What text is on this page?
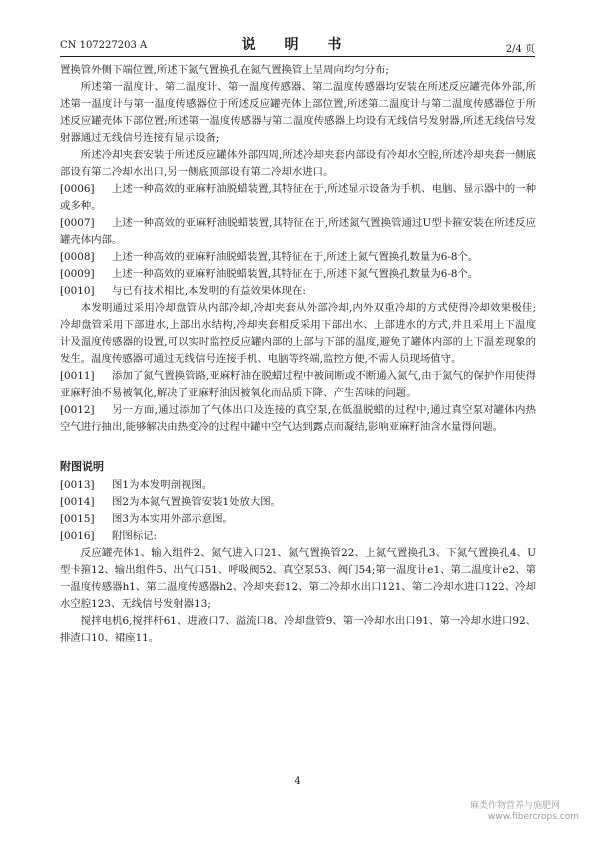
CN 107227203 A	说 明 书	2/4 页
置换管外侧下端位置,所述下氮气置换孔在氮气置换管上呈周向均匀分布;
所述第一温度计、第二温度计、第一温度传感器、第二温度传感器均安装在所述反应罐壳体外部,所述第一温度计与第一温度传感器位于所述反应罐壳体上部位置,所述第二温度计与第二温度传感器位于所述反应罐壳体下部位置;所述第一温度传感器与第二温度传感器上均设有无线信号发射器,所述无线信号发射器通过无线信号连接有显示设备;
所述冷却夹套安装于所述反应罐体外部四周,所述冷却夹套内部设有冷却水空腔,所述冷却夹套一侧底部设有第二冷却水出口,另一侧底顶部设有第二冷却水进口。
[0006] 上述一种高效的亚麻籽油脱蜡装置,其特征在于,所述显示设备为手机、电脑、显示器中的一种或多种。
[0007] 上述一种高效的亚麻籽油脱蜡装置,其特征在于,所述氮气置换管通过U型卡箍安装在所述反应罐壳体内部。
[0008] 上述一种高效的亚麻籽油脱蜡装置,其特征在于,所述上氮气置换孔数量为6-8个。
[0009] 上述一种高效的亚麻籽油脱蜡装置,其特征在于,所述下氮气置换孔数量为6-8个。
[0010] 与已有技术相比,本发明的有益效果体现在:
本发明通过采用冷却盘管从内部冷却,冷却夹套从外部冷却,内外双重冷却的方式使得冷却效果极佳;冷却盘管采用下部进水,上部出水结构,冷却夹套相反采用下部出水、上部进水的方式,并且采用上下温度计及温度传感器的设置,可以实时监控反应罐内部的上部与下部的温度,避免了罐体内部的上下温差现象的发生。温度传感器可通过无线信号连接手机、电脑等终端,监控方便,不需人员现场值守。
[0011] 添加了氮气置换管路,亚麻籽油在脱蜡过程中被间断或不断通入氮气,由于氮气的保护作用使得亚麻籽油不易被氧化,解决了亚麻籽油因被氧化而品质下降、产生苦味的问题。
[0012] 另一方面,通过添加了气体出口及连接的真空泵,在低温脱蜡的过程中,通过真空泵对罐体内热空气进行抽出,能够解决由热变冷的过程中罐中空气达到露点而凝结,影响亚麻籽油含水量得问题。
附图说明
[0013] 图1为本发明剖视图。
[0014] 图2为本氮气置换管安装1处放大图。
[0015] 图3为本实用外部示意图。
[0016] 附图标记:
反应罐壳体1、输入组件2、氮气进入口21、氮气置换管22、上氮气置换孔3、下氮气置换孔4、U型卡箍12、输出组件5、出气口51、呼吸阀52、真空泵53、阀门54;第一温度计e1、第二温度计e2、第一温度传感器h1、第二温度传感器h2、冷却夹套12、第二冷却水出口121、第二冷却水进口122、冷却水空腔123、无线信号发射器13;
搅拌电机6,搅拌杆61、进液口7、溢流口8、冷却盘管9、第一冷却水出口91、第一冷却水进口92、排渣口10、裙座11。
4
麻类作物营养与施肥网
www.fibercrops.com
